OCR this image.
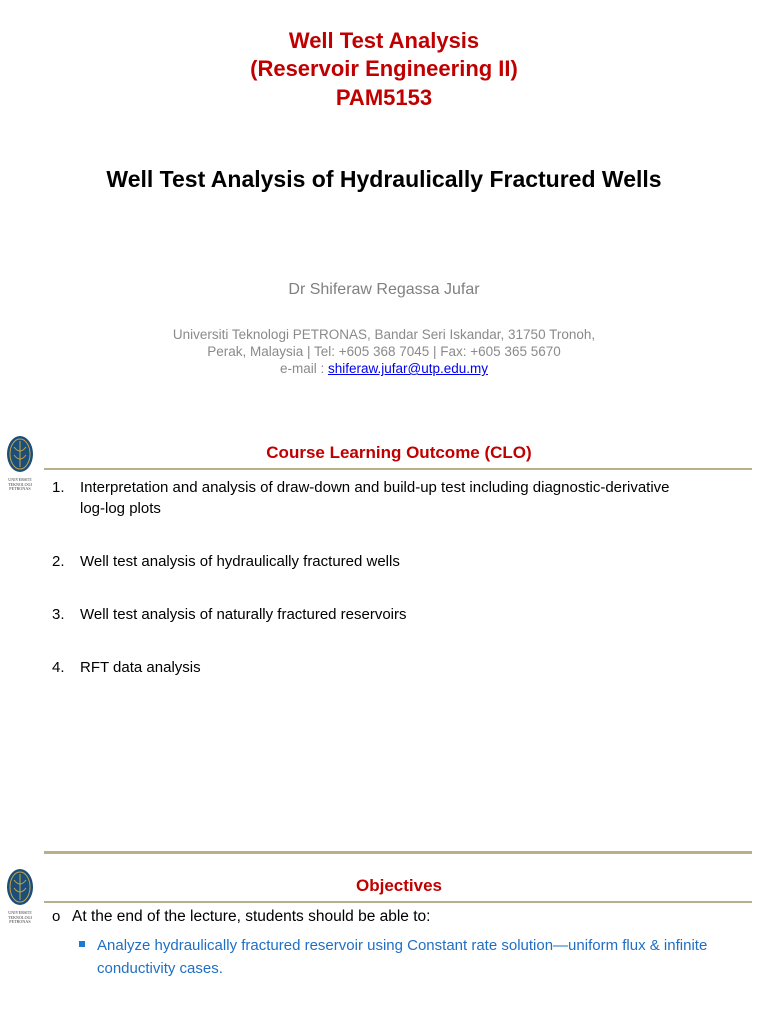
Well Test Analysis
(Reservoir Engineering II)
PAM5153
Well Test Analysis of Hydraulically Fractured Wells
Dr Shiferaw Regassa Jufar
Universiti Teknologi PETRONAS, Bandar Seri Iskandar, 31750 Tronoh,
Perak, Malaysia | Tel: +605 368 7045 | Fax: +605 365 5670
e-mail : shiferaw.jufar@utp.edu.my
UNIVERSITI
TEKNOLOGI
PETRONAS
Course Learning Outcome (CLO)
1. Interpretation and analysis of draw-down and build-up test including diagnostic-derivative log-log plots
2. Well test analysis of hydraulically fractured wells
3. Well test analysis of naturally fractured reservoirs
4. RFT data analysis
UNIVERSITI
TEKNOLOGI
PETRONAS
Objectives
o At the end of the lecture, students should be able to:
Analyze hydraulically fractured reservoir using Constant rate solution—uniform flux & infinite conductivity cases.
